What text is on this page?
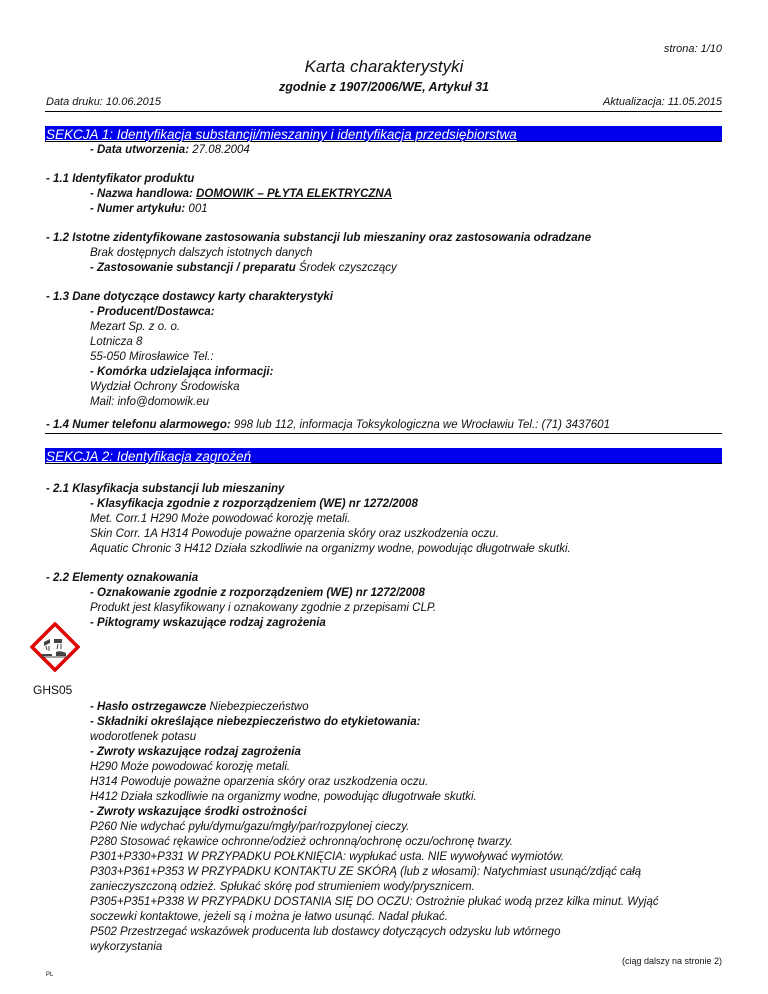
strona: 1/10
Karta charakterystyki
zgodnie z 1907/2006/WE, Artykuł 31
Data druku: 10.06.2015	Aktualizacja: 11.05.2015
SEKCJA 1: Identyfikacja substancji/mieszaniny i identyfikacja przedsiębiorstwa
- Data utworzenia: 27.08.2004
- 1.1 Identyfikator produktu
- Nazwa handlowa: DOMOWIK – PŁYTA ELEKTRYCZNA
- Numer artykułu: 001
- 1.2 Istotne zidentyfikowane zastosowania substancji lub mieszaniny oraz zastosowania odradzane
Brak dostępnych dalszych istotnych danych
- Zastosowanie substancji / preparatu Środek czyszczący
- 1.3 Dane dotyczące dostawcy karty charakterystyki
- Producent/Dostawca:
Mezart Sp. z o. o.
Lotnicza 8
55-050 Mirosławice Tel.:
- Komórka udzielająca informacji:
Wydział Ochrony Środowiska
Mail: info@domowik.eu
- 1.4 Numer telefonu alarmowego: 998 lub 112, informacja Toksykologiczna we Wrocławiu Tel.: (71) 3437601
SEKCJA 2: Identyfikacja zagrożeń
- 2.1 Klasyfikacja substancji lub mieszaniny
- Klasyfikacja zgodnie z rozporządzeniem (WE) nr 1272/2008
Met. Corr.1 H290 Może powodować korozję metali.
Skin Corr. 1A H314 Powoduje poważne oparzenia skóry oraz uszkodzenia oczu.
Aquatic Chronic 3 H412 Działa szkodliwie na organizmy wodne, powodując długotrwałe skutki.
- 2.2 Elementy oznakowania
- Oznakowanie zgodnie z rozporządzeniem (WE) nr 1272/2008
Produkt jest klasyfikowany i oznakowany zgodnie z przepisami CLP.
- Piktogramy wskazujące rodzaj zagrożenia
GHS05
- Hasło ostrzegawcze Niebezpieczeństwo
- Składniki określające niebezpieczeństwo do etykietowania:
wodorotlenek potasu
- Zwroty wskazujące rodzaj zagrożenia
H290 Może powodować korozję metali.
H314 Powoduje poważne oparzenia skóry oraz uszkodzenia oczu.
H412 Działa szkodliwie na organizmy wodne, powodując długotrwałe skutki.
- Zwroty wskazujące środki ostrożności
P260 Nie wdychać pyłu/dymu/gazu/mgły/par/rozpylonej cieczy.
P280 Stosować rękawice ochronne/odzież ochronną/ochronę oczu/ochronę twarzy.
P301+P330+P331 W PRZYPADKU POŁKNIĘCIA: wypłukać usta. NIE wywoływać wymiotów.
P303+P361+P353 W PRZYPADKU KONTAKTU ZE SKÓRĄ (lub z włosami): Natychmiast usunąć/zdjąć całą
zanieczyszczoną odzież. Spłukać skórę pod strumieniem wody/prysznicem.
P305+P351+P338 W PRZYPADKU DOSTANIA SIĘ DO OCZU: Ostrożnie płukać wodą przez kilka minut. Wyjąć
soczewki kontaktowe, jeżeli są i można je łatwo usunąć. Nadal płukać.
P502 Przestrzegać wskazówek producenta lub dostawcy dotyczących odzysku lub wtórnego
wykorzystania
(ciąg dalszy na stronie 2)
PL
